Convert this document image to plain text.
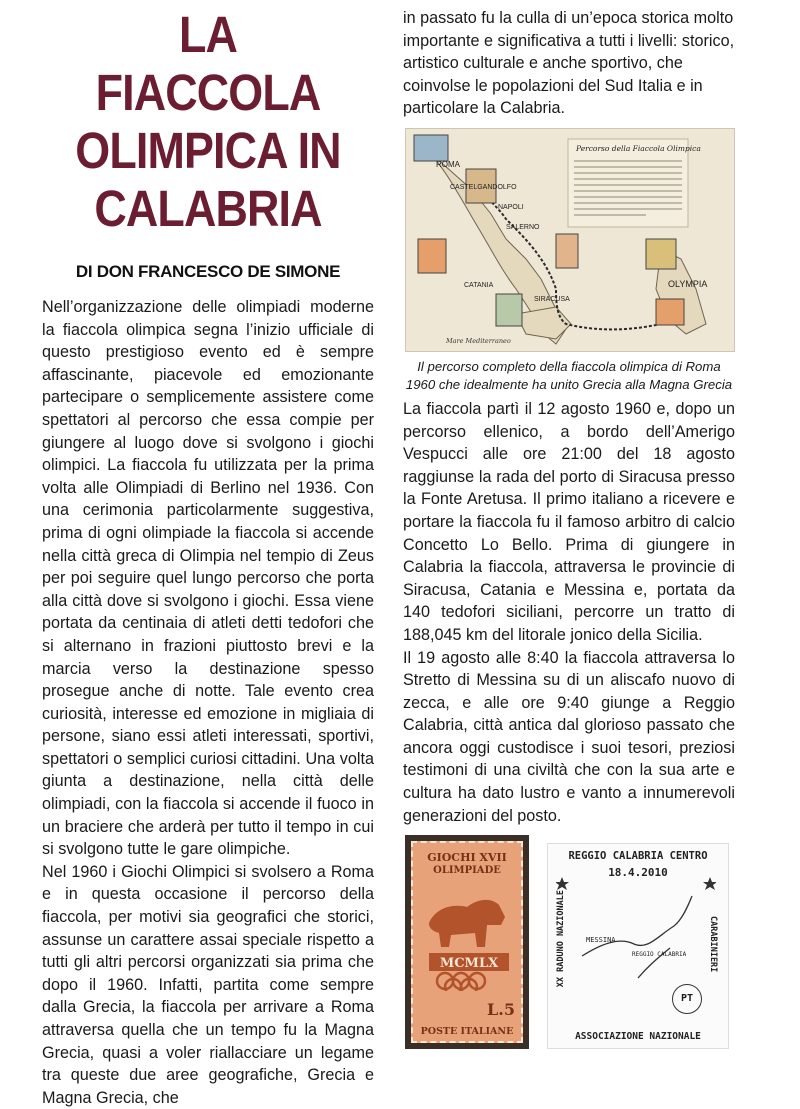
LA FIACCOLA
OLIMPICA IN
CALABRIA
DI DON FRANCESCO DE SIMONE

Nell’organizzazione delle olimpiadi moderne la fiaccola olimpica segna l’inizio ufficiale di questo prestigioso evento ed è sempre affascinante, piacevole ed emozionante partecipare o semplicemente assistere come spettatori al percorso che essa compie per giungere al luogo dove si svolgono i giochi olimpici. La fiaccola fu utilizzata per la prima volta alle Olimpiadi di Berlino nel 1936. Con una cerimonia particolarmente suggestiva, prima di ogni olimpiade la fiaccola si accende nella città greca di Olimpia nel tempio di Zeus per poi seguire quel lungo percorso che porta alla città dove si svolgono i giochi. Essa viene portata da centinaia di atleti detti tedofori che si alternano in frazioni piuttosto brevi e la marcia verso la destinazione spesso prosegue anche di notte. Tale evento crea curiosità, interesse ed emozione in migliaia di persone, siano essi atleti interessati, sportivi, spettatori o semplici curiosi cittadini. Una volta giunta a destinazione, nella città delle olimpiadi, con la fiaccola si accende il fuoco in un braciere che arderà per tutto il tempo in cui si svolgono tutte le gare olimpiche.

Nel 1960 i Giochi Olimpici si svolsero a Roma e in questa occasione il percorso della fiaccola, per motivi sia geografici che storici, assunse un carattere assai speciale rispetto a tutti gli altri percorsi organizzati sia prima che dopo il 1960. Infatti, partita come sempre dalla Grecia, la fiaccola per arrivare a Roma attraversa quella che un tempo fu la Magna Grecia, quasi a voler riallacciare un legame tra queste due aree geografiche, Grecia e Magna Grecia, che

in passato fu la culla di un’epoca storica molto importante e significativa a tutti i livelli: storico, artistico culturale e anche sportivo, che coinvolse le popolazioni del Sud Italia e in particolare la Calabria.
Percorso della Fiaccola Olimpica
ROMA
CASTELGANDOLFO
NAPOLI
SALERNO
CATANIA
SIRACUSA
OLYMPIA
Mare Mediterraneo
Il percorso completo della fiaccola olimpica di Roma 1960 che idealmente ha unito Grecia alla Magna Grecia

La fiaccola partì il 12 agosto 1960 e, dopo un percorso ellenico, a bordo dell’Amerigo Vespucci alle ore 21:00 del 18 agosto raggiunse la rada del porto di Siracusa presso la Fonte Aretusa. Il primo italiano a ricevere e portare la fiaccola fu il famoso arbitro di calcio Concetto Lo Bello. Prima di giungere in Calabria la fiaccola, attraversa le provincie di Siracusa, Catania e Messina e, portata da 140 tedofori siciliani, percorre un tratto di 188,045 km del litorale jonico della Sicilia.

Il 19 agosto alle 8:40 la fiaccola attraversa lo Stretto di Messina su di un aliscafo nuovo di zecca, e alle ore 9:40 giunge a Reggio Calabria, città antica dal glorioso passato che ancora oggi custodisce i suoi tesori, preziosi testimoni di una civiltà che con la sua arte e cultura ha dato lustro e vanto a innumerevoli generazioni del posto.

GIOCHI XVII
OLIMPIADE
MCMLX
L.5
POSTE ITALIANE
REGGIO CALABRIA CENTRO
18.4.2010
XX RADUNO NAZIONALE	CARABINIERI
MESSINA
REGGIO CALABRIA
PT
ASSOCIAZIONE NAZIONALE
